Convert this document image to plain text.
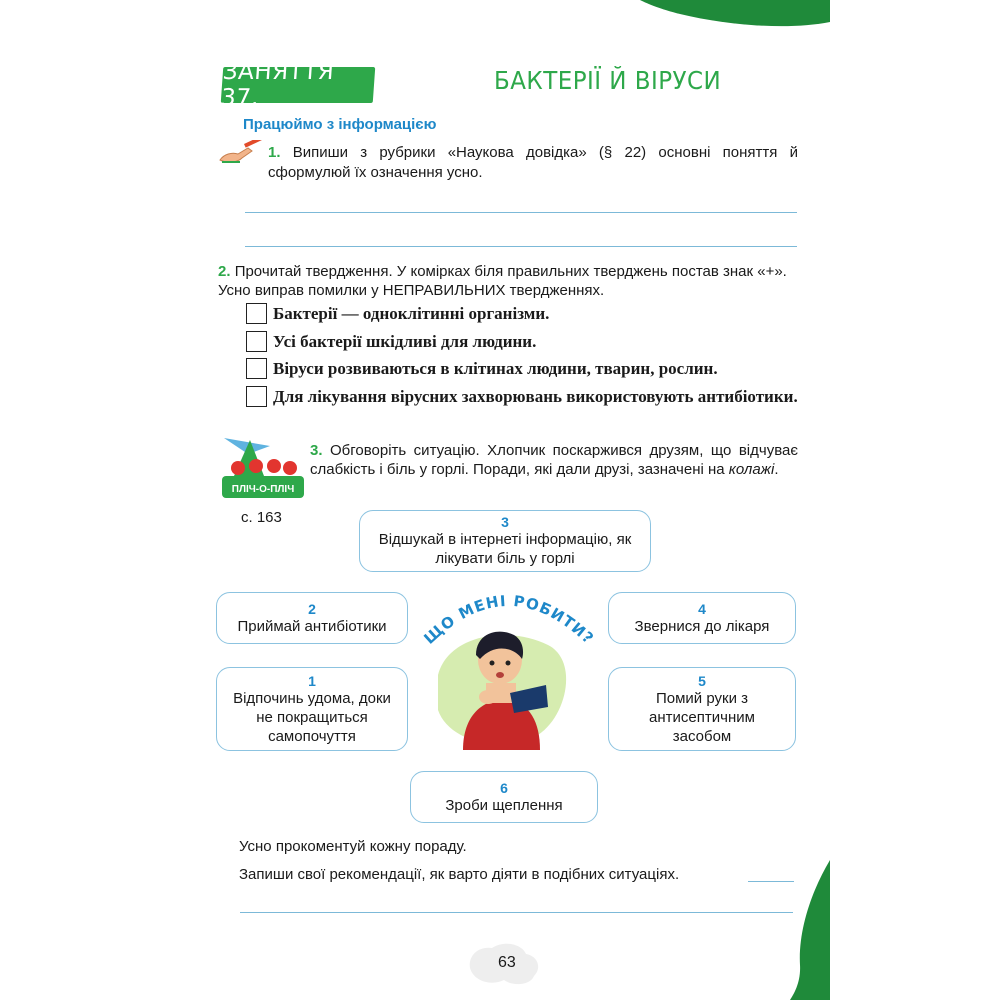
ЗАНЯТТЯ 37.
БАКТЕРІЇ Й ВІРУСИ
Працюймо з інформацією
1. Випиши з рубрики «Наукова довідка» (§ 22) основні поняття й сформулюй їх означення усно.
2. Прочитай твердження. У комірках біля правильних тверджень постав знак «+». Усно виправ помилки у НЕПРАВИЛЬНИХ твердженнях.
Бактерії — одноклітинні організми.
Усі бактерії шкідливі для людини.
Віруси розвиваються в клітинах людини, тварин, рослин.
Для лікування вірусних захворювань використовують антибіотики.
ПЛІЧ-О-ПЛІЧ
3. Обговоріть ситуацію. Хлопчик поскаржився друзям, що відчуває слабкість і біль у горлі. Поради, які дали друзі, зазначені на колажі.
с. 163	3
Відшукай в інтернеті інформацію, як лікувати біль у горлі
2
Приймай антибіотики
4
Звернися до лікаря
1
Відпочинь удома, доки не покращиться самопочуття
5
Помий руки з антисептичним засобом
6
Зроби щеплення
ЩО МЕНІ РОБИТИ?
Усно прокоментуй кожну пораду.
Запиши свої рекомендації, як варто діяти в подібних ситуаціях.
63
